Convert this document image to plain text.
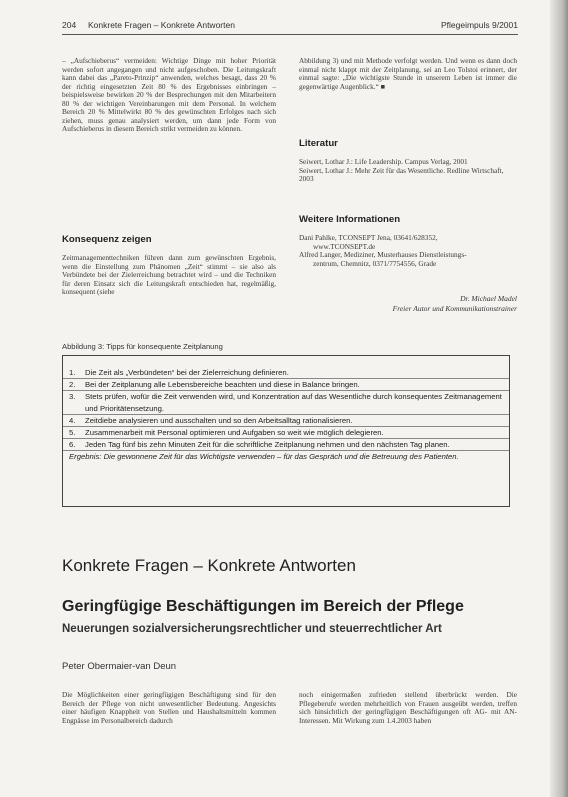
204 Konkrete Fragen – Konkrete Antworten	Pflegeimpuls 9/2001

– „Aufschieberus“ vermeiden: Wichtige Dinge mit hoher Priorität werden sofort angegangen und nicht aufgeschoben. Die Leitungskraft kann dabei das „Pareto-Prinzip“ anwenden, welches besagt, dass 20 % der richtig eingesetzten Zeit 80 % des Ergebnisses einbringen – beispielsweise bewirken 20 % der Besprechungen mit den Mitarbeitern 80 % der wichtigen Vereinbarungen mit dem Personal. In welchem Bereich 20 % Mittelwirkt 80 % des gewünschten Erfolges nach sich ziehen, muss genau analysiert werden, um dann jede Form von Aufschieberus in diesem Bereich strikt vermeiden zu können.

Konsequenz zeigen

Zeitmanagementtechniken führen dann zum gewünschten Ergebnis, wenn die Einstellung zum Phänomen „Zeit“ stimmt – sie also als Verbündete bei der Zielerreichung betrachtet wird – und die Techniken für deren Einsatz sich die Leitungskraft entschieden hat, regelmäßig, konsequent (siehe

Abbildung 3) und mit Methode verfolgt werden. Und wenn es dann doch einmal nicht klappt mit der Zeitplanung, sei an Leo Tolstoi erinnert, der einmal sagte: „Die wichtigste Stunde in unserem Leben ist immer die gegenwärtige Augenblick.“ ■

Literatur
Seiwert, Lothar J.: Life Leadership. Campus Verlag, 2001
Seiwert, Lothar J.: Mehr Zeit für das Wesentliche. Redline Wirtschaft, 2003
Weitere Informationen
Dani Pahlke, TCONSEPT Jena, 03641/628352,
www.TCONSEPT.de
Alfred Langer, Mediziner, Musterhauses Dienstleistungs-
zentrum, Chemnitz, 0371/7754556, Grade
Dr. Michael Madel
Freier Autor und Kommunikationstrainer
Abbildung 3: Tipps für konsequente Zeitplanung
1. Die Zeit als „Verbündeten“ bei der Zielerreichung definieren.
2. Bei der Zeitplanung alle Lebensbereiche beachten und diese in Balance bringen.
3. Stets prüfen, wofür die Zeit verwenden wird, und Konzentration auf das Wesentliche durch konsequentes Zeitmanagement und Prioritätensetzung.
4. Zeitdiebe analysieren und ausschalten und so den Arbeitsalltag rationalisieren.
5. Zusammenarbeit mit Personal optimieren und Aufgaben so weit wie möglich delegieren.
6. Jeden Tag fünf bis zehn Minuten Zeit für die schriftliche Zeitplanung nehmen und den nächsten Tag planen.
Ergebnis: Die gewonnene Zeit für das Wichtigste verwenden – für das Gespräch und die Betreuung des Patienten.
Konkrete Fragen – Konkrete Antworten
Geringfügige Beschäftigungen im Bereich der Pflege
Neuerungen sozialversicherungsrechtlicher und steuerrechtlicher Art
Peter Obermaier-van Deun

Die Möglichkeiten einer geringfügigen Beschäftigung sind für den Bereich der Pflege von nicht unwesentlicher Bedeutung. Angesichts einer häufigen Knappheit von Stellen und Haushaltsmitteln kommen Engpässe im Personalbereich dadurch

noch einigermaßen zufrieden stellend überbrückt werden. Die Pflegeberufe werden mehrheitlich von Frauen ausgeübt werden, treffen sich hinsichtlich der geringfügigen Beschäftigungen oft AG- mit AN-Interessen. Mit Wirkung zum 1.4.2003 haben
